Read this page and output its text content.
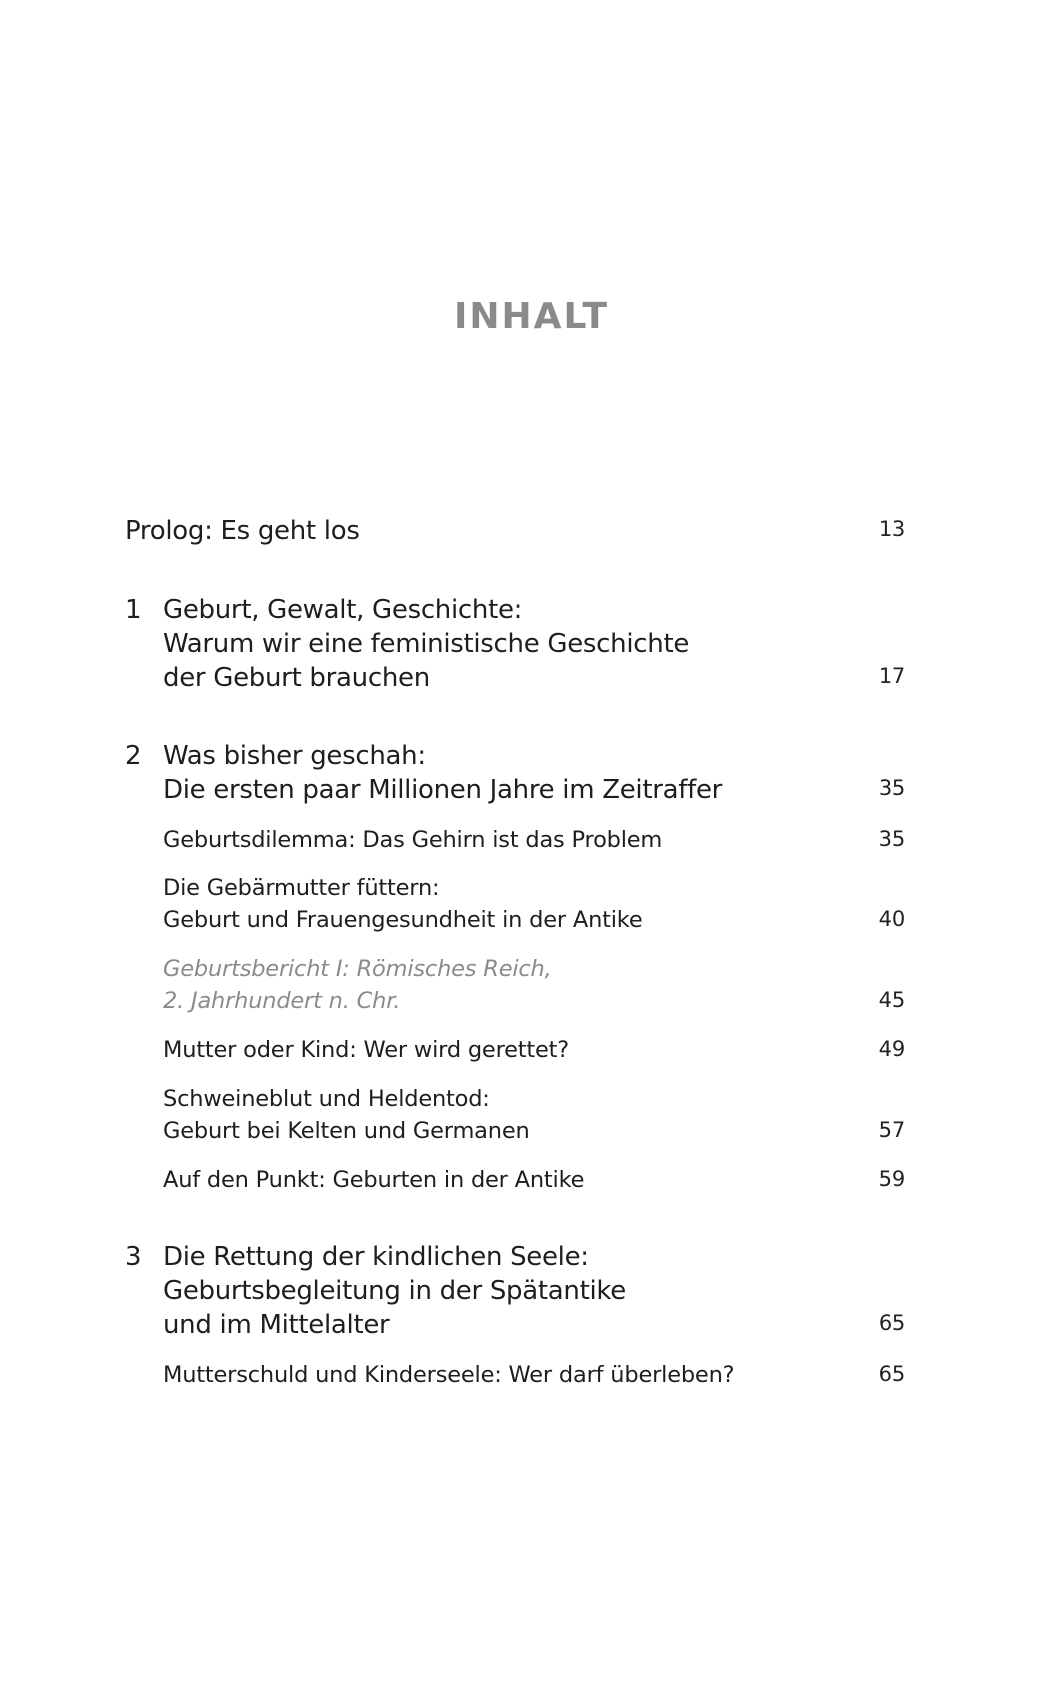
INHALT
Prolog: Es geht los	13
1 Geburt, Gewalt, Geschichte:
Warum wir eine feministische Geschichte
der Geburt brauchen	17
2 Was bisher geschah:
Die ersten paar Millionen Jahre im Zeitraffer	35
Geburtsdilemma: Das Gehirn ist das Problem	35
Die Gebärmutter füttern:
Geburt und Frauengesundheit in der Antike	40
Geburtsbericht I: Römisches Reich,
2. Jahrhundert n. Chr.	45
Mutter oder Kind: Wer wird gerettet?	49
Schweineblut und Heldentod:
Geburt bei Kelten und Germanen	57
Auf den Punkt: Geburten in der Antike	59
3 Die Rettung der kindlichen Seele:
Geburtsbegleitung in der Spätantike
und im Mittelalter	65
Mutterschuld und Kinderseele: Wer darf überleben?	65
